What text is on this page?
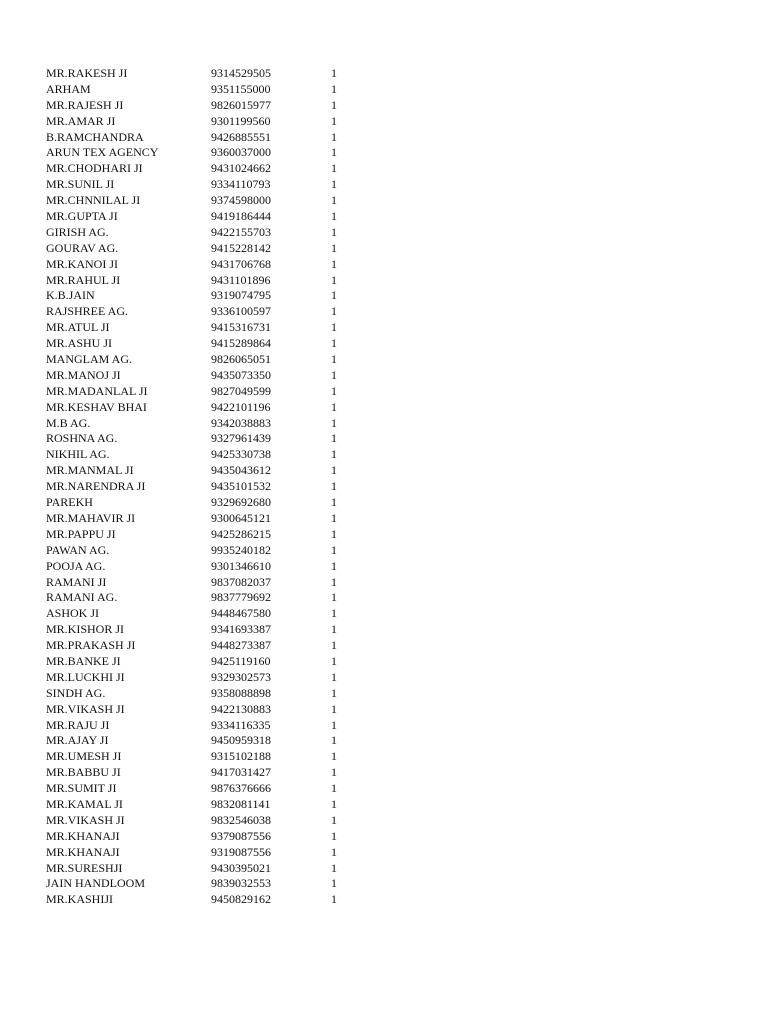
MR.RAKESH JI	9314529505	1
ARHAM	9351155000	1
MR.RAJESH JI	9826015977	1
MR.AMAR JI	9301199560	1
B.RAMCHANDRA	9426885551	1
ARUN TEX AGENCY	9360037000	1
MR.CHODHARI JI	9431024662	1
MR.SUNIL JI	9334110793	1
MR.CHNNILAL JI	9374598000	1
MR.GUPTA JI	9419186444	1
GIRISH AG.	9422155703	1
GOURAV AG.	9415228142	1
MR.KANOI JI	9431706768	1
MR.RAHUL JI	9431101896	1
K.B.JAIN	9319074795	1
RAJSHREE AG.	9336100597	1
MR.ATUL JI	9415316731	1
MR.ASHU JI	9415289864	1
MANGLAM AG.	9826065051	1
MR.MANOJ JI	9435073350	1
MR.MADANLAL JI	9827049599	1
MR.KESHAV BHAI	9422101196	1
M.B AG.	9342038883	1
ROSHNA AG.	9327961439	1
NIKHIL AG.	9425330738	1
MR.MANMAL JI	9435043612	1
MR.NARENDRA JI	9435101532	1
PAREKH	9329692680	1
MR.MAHAVIR JI	9300645121	1
MR.PAPPU JI	9425286215	1
PAWAN AG.	9935240182	1
POOJA AG.	9301346610	1
RAMANI JI	9837082037	1
RAMANI AG.	9837779692	1
ASHOK JI	9448467580	1
MR.KISHOR JI	9341693387	1
MR.PRAKASH JI	9448273387	1
MR.BANKE JI	9425119160	1
MR.LUCKHI JI	9329302573	1
SINDH AG.	9358088898	1
MR.VIKASH JI	9422130883	1
MR.RAJU JI	9334116335	1
MR.AJAY JI	9450959318	1
MR.UMESH JI	9315102188	1
MR.BABBU JI	9417031427	1
MR.SUMIT JI	9876376666	1
MR.KAMAL JI	9832081141	1
MR.VIKASH JI	9832546038	1
MR.KHANAJI	9379087556	1
MR.KHANAJI	9319087556	1
MR.SURESHJI	9430395021	1
JAIN HANDLOOM	9839032553	1
MR.KASHIJI	9450829162	1
